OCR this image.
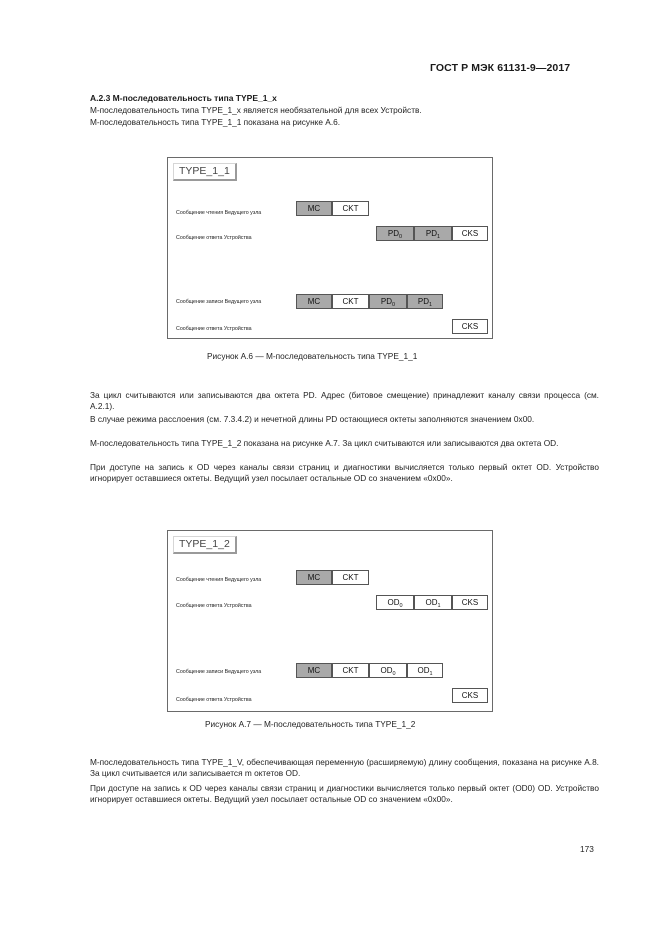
ГОСТ Р МЭК 61131-9—2017
A.2.3 М-последовательность типа TYPE_1_x
М-последовательность типа TYPE_1_x является необязательной для всех Устройств.
М-последовательность типа TYPE_1_1 показана на рисунке А.6.
TYPE_1_1
Сообщение чтения Ведущего узла	MC	CKT
Сообщение ответа Устройства	$PD_0$	$PD_1$	CKS
Сообщение записи Ведущего узла	MC	CKT	$PD_0$	$PD_1$
Сообщение ответа Устройства	CKS
Рисунок А.6 — М-последовательность типа TYPE_1_1
За цикл считываются или записываются два октета PD. Адрес (битовое смещение) принадлежит каналу связи процесса (см. А.2.1).
В случае режима расслоения (см. 7.3.4.2) и нечетной длины PD остающиеся октеты заполняются значением 0x00.
М-последовательность типа TYPE_1_2 показана на рисунке А.7. За цикл считываются или записываются два октета OD.
При доступе на запись к OD через каналы связи страниц и диагностики вычисляется только первый октет OD. Устройство игнорирует оставшиеся октеты. Ведущий узел посылает остальные OD со значением «0x00».
TYPE_1_2
Сообщение чтения Ведущего узла	MC	CKT
Сообщение ответа Устройства	$OD_0$	$OD_1$	CKS
Сообщение записи Ведущего узла	MC	CKT	$OD_0$	$OD_1$
Сообщение ответа Устройства	CKS
Рисунок А.7 — М-последовательность типа TYPE_1_2
М-последовательность типа TYPE_1_V, обеспечивающая переменную (расширяемую) длину сообщения, показана на рисунке А.8. За цикл считывается или записывается m октетов OD.
При доступе на запись к OD через каналы связи страниц и диагностики вычисляется только первый октет (OD0) OD. Устройство игнорирует оставшиеся октеты. Ведущий узел посылает остальные OD со значением «0x00».
173
